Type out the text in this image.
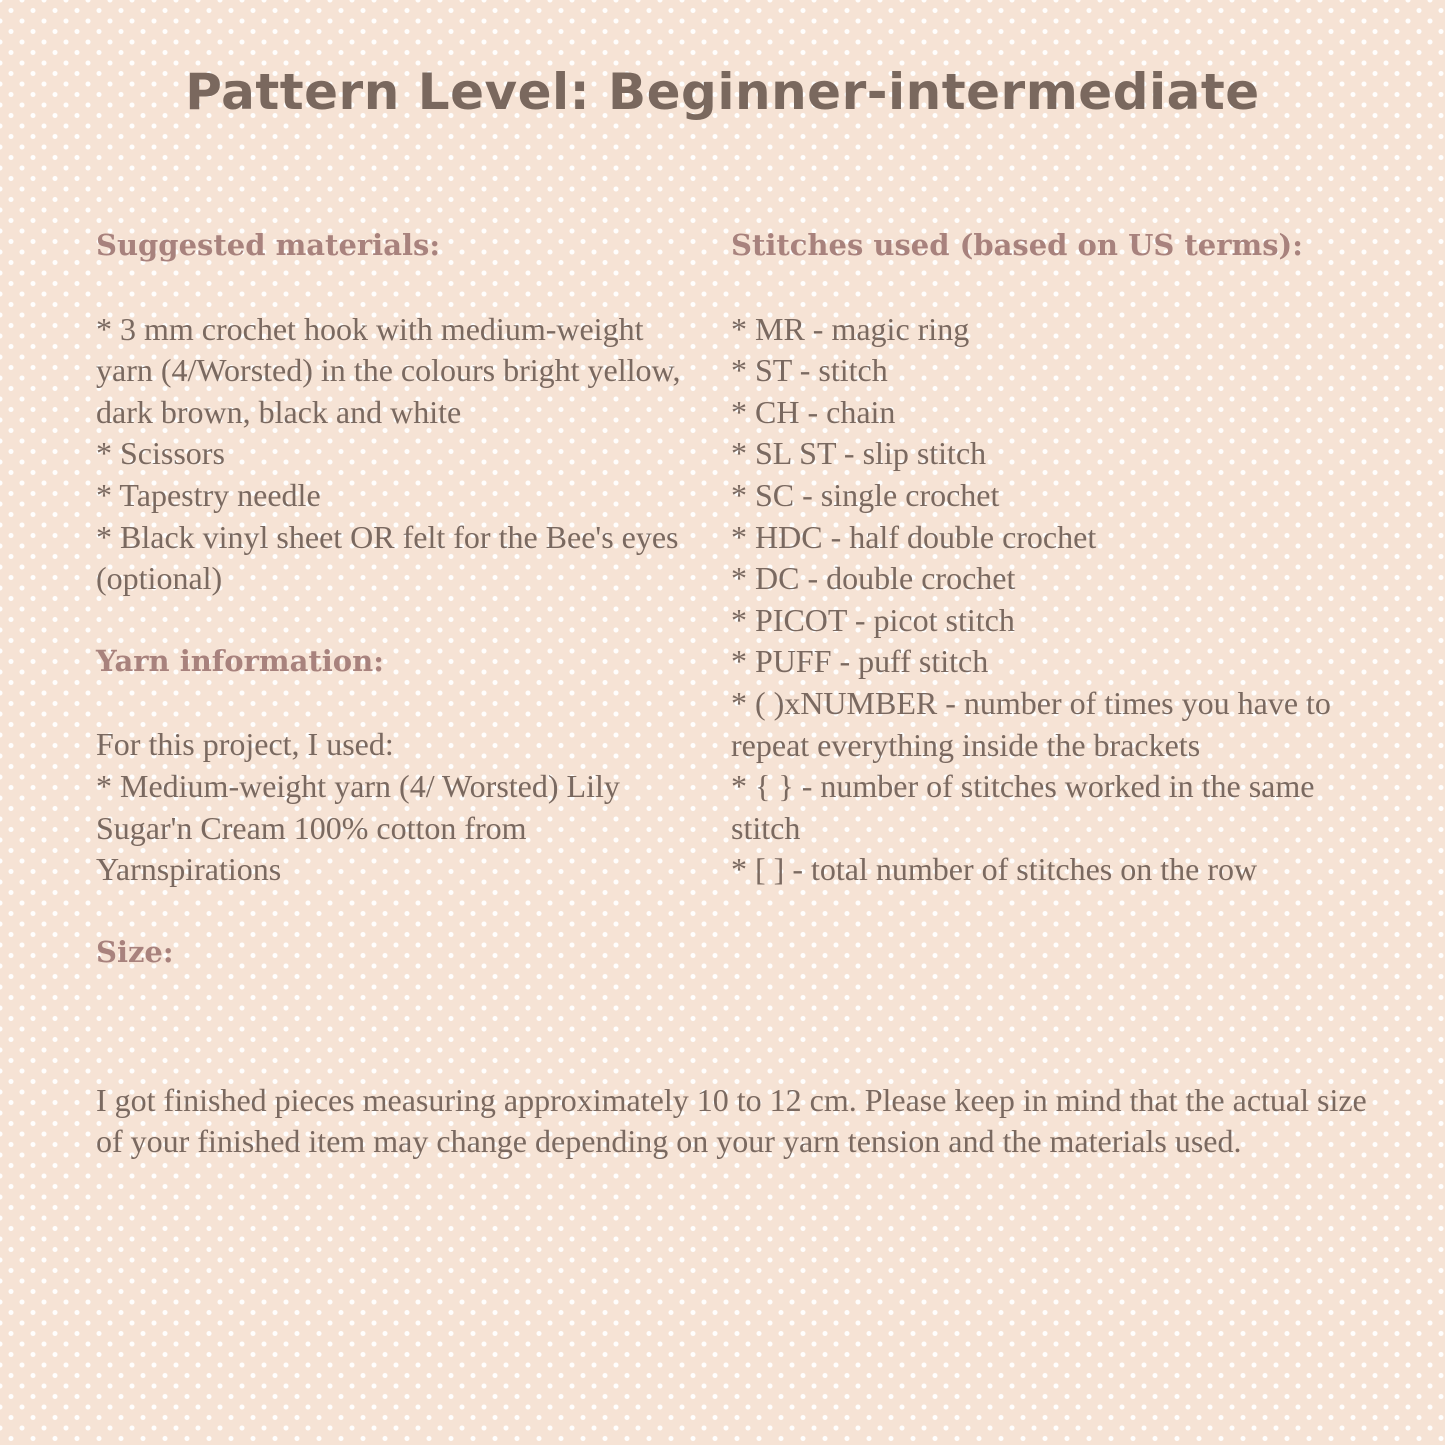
Pattern Level: Beginner-intermediate

Suggested materials:

* 3 mm crochet hook with medium-weight yarn (4/Worsted) in the colours bright yellow, dark brown, black and white
* Scissors
* Tapestry needle
* Black vinyl sheet OR felt for the Bee's eyes (optional)

Yarn information:

For this project, I used:

* Medium-weight yarn (4/ Worsted) Lily Sugar'n Cream 100% cotton from Yarnspirations

Size:

Stitches used (based on US terms):

* MR - magic ring
* ST - stitch
* CH - chain
* SL ST - slip stitch
* SC - single crochet
* HDC - half double crochet
* DC - double crochet
* PICOT - picot stitch
* PUFF - puff stitch
* ( )xNUMBER - number of times you have to repeat everything inside the brackets
* { } - number of stitches worked in the same stitch
* [ ] - total number of stitches on the row

I got finished pieces measuring approximately 10 to 12 cm. Please keep in mind that the actual size of your finished item may change depending on your yarn tension and the materials used.
